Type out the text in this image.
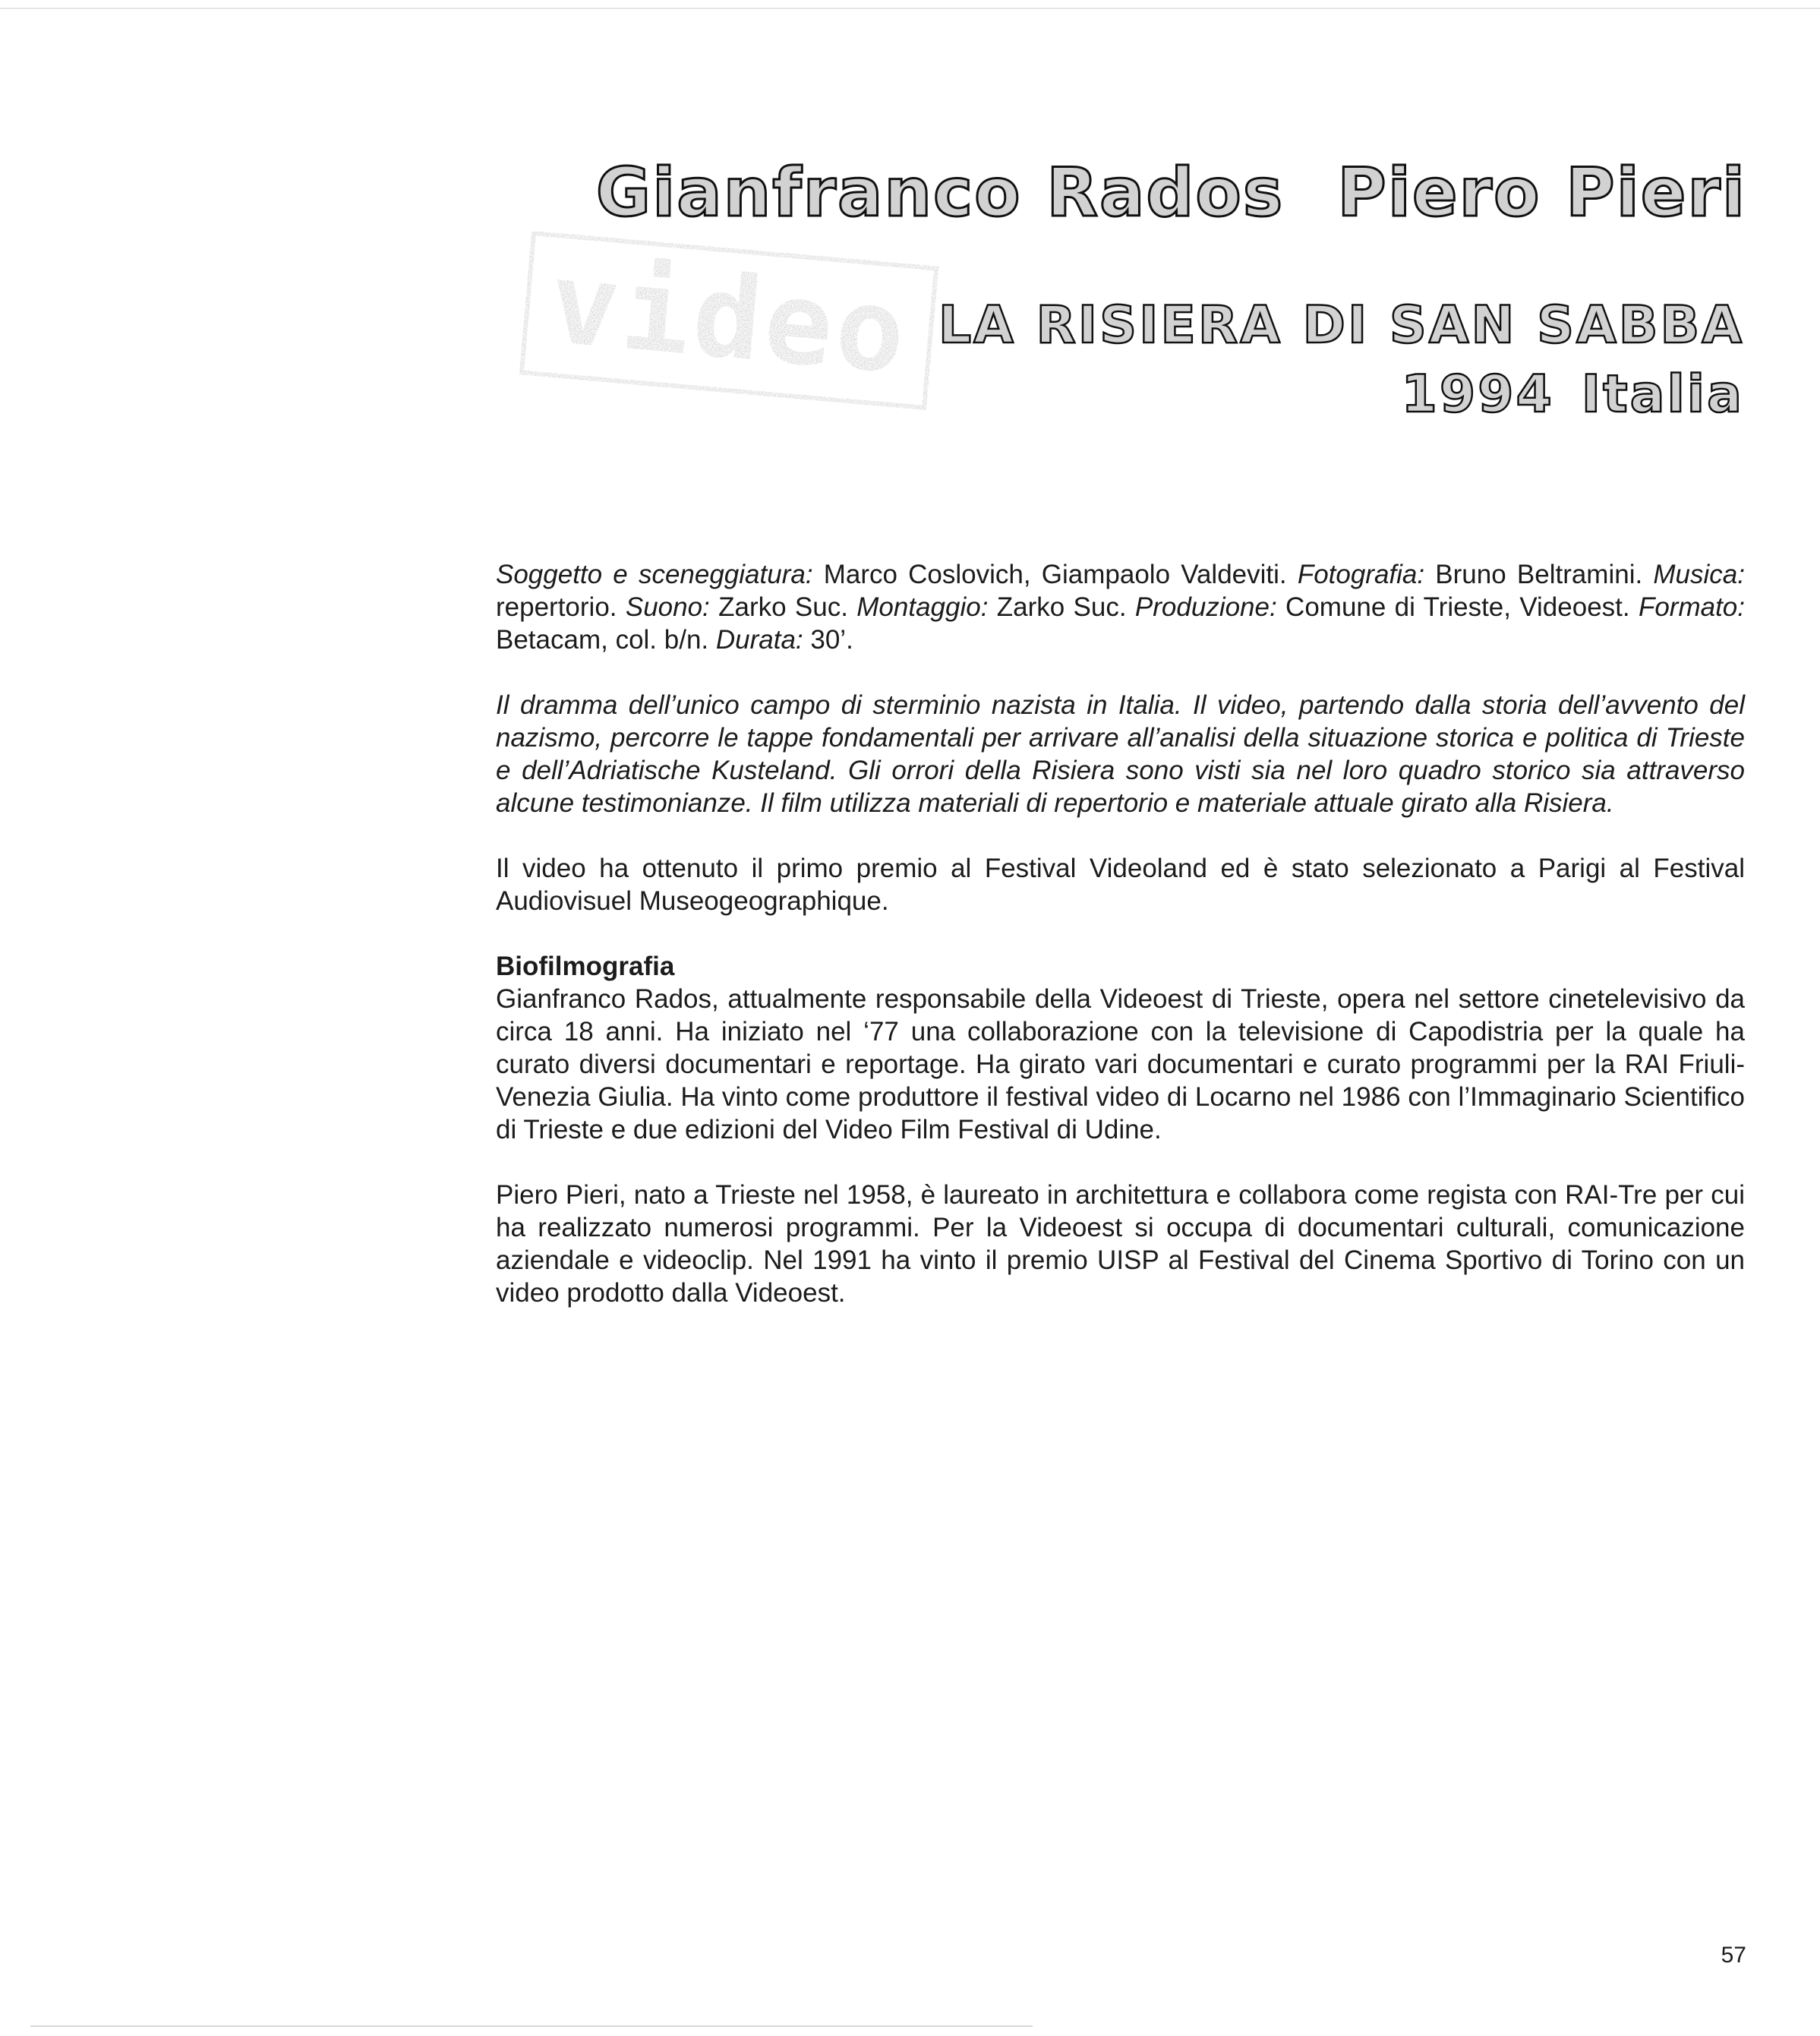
video
Gianfranco Rados Piero Pieri
LA RISIERA DI SAN SABBA
1994 Italia

Soggetto e sceneggiatura: Marco Coslovich, Giampaolo Valdeviti. Fotografia: Bruno Beltramini. Musica: repertorio. Suono: Zarko Suc. Montaggio: Zarko Suc. Produzione: Comune di Trieste, Videoest. Formato: Betacam, col. b/n. Durata: 30’.

Il dramma dell’unico campo di sterminio nazista in Italia. Il video, partendo dalla storia dell’avvento del nazismo, percorre le tappe fondamentali per arrivare all’analisi della situazione storica e politica di Trieste e dell’Adriatische Kusteland. Gli orrori della Risiera sono visti sia nel loro quadro storico sia attraverso alcune testimonianze. Il film utilizza materiali di repertorio e materiale attuale girato alla Risiera.

Il video ha ottenuto il primo premio al Festival Videoland ed è stato selezionato a Parigi al Festival Audiovisuel Museogeographique.

Biofilmografia

Gianfranco Rados, attualmente responsabile della Videoest di Trieste, opera nel settore cinetelevisivo da circa 18 anni. Ha iniziato nel ‘77 una collaborazione con la televisione di Capodistria per la quale ha curato diversi documentari e reportage. Ha girato vari documentari e curato programmi per la RAI Friuli-Venezia Giulia. Ha vinto come produttore il festival video di Locarno nel 1986 con l’Immaginario Scientifico di Trieste e due edizioni del Video Film Festival di Udine.

Piero Pieri, nato a Trieste nel 1958, è laureato in architettura e collabora come regista con RAI-Tre per cui ha realizzato numerosi programmi. Per la Videoest si occupa di documentari culturali, comunicazione aziendale e videoclip. Nel 1991 ha vinto il premio UISP al Festival del Cinema Sportivo di Torino con un video prodotto dalla Videoest.

57
